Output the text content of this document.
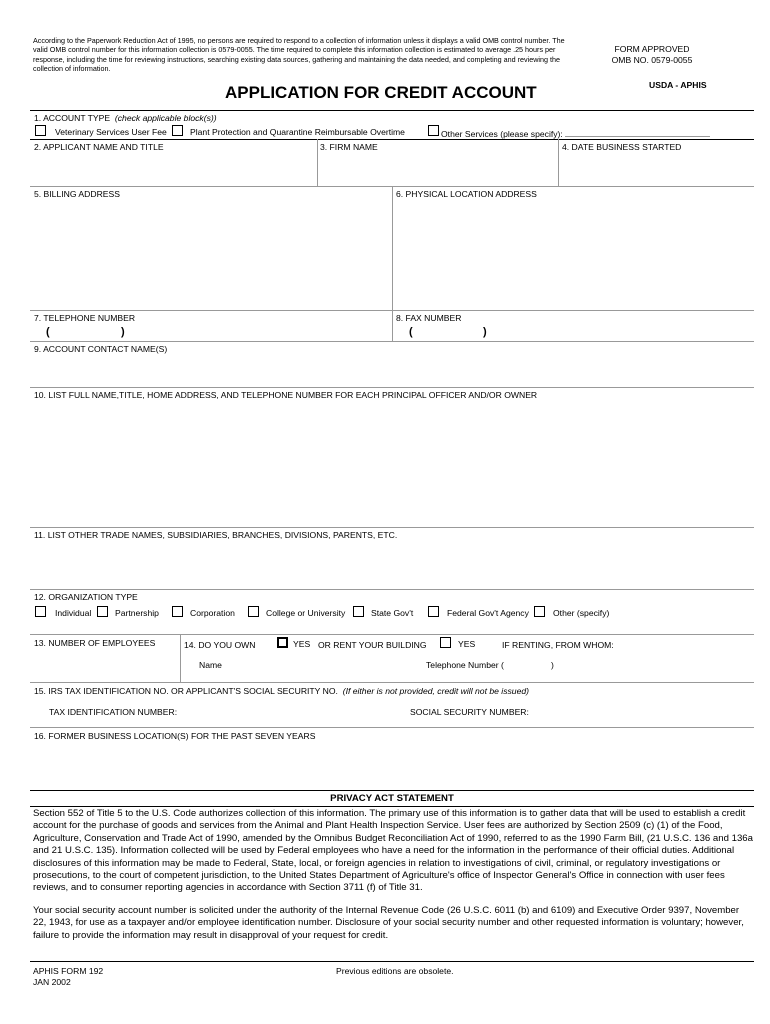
According to the Paperwork Reduction Act of 1995, no persons are required to respond to a collection of information unless it displays a valid OMB control number. The valid OMB control number for this information collection is 0579-0055. The time required to complete this information collection is estimated to average .25 hours per response, including the time for reviewing instructions, searching existing data sources, gathering and maintaining the data needed, and completing and reviewing the collection of information.
FORM APPROVED
OMB NO. 0579-0055
USDA - APHIS
APPLICATION FOR CREDIT ACCOUNT
1. ACCOUNT TYPE (check applicable block(s))
Veterinary Services User Fee	Plant Protection and Quarantine Reimbursable Overtime	Other Services (please specify):
2. APPLICANT NAME AND TITLE	3. FIRM NAME	4. DATE BUSINESS STARTED
5. BILLING ADDRESS	6. PHYSICAL LOCATION ADDRESS
7. TELEPHONE NUMBER	8. FAX NUMBER
(	)	(	)
9. ACCOUNT CONTACT NAME(S)
10. LIST FULL NAME,TITLE, HOME ADDRESS, AND TELEPHONE NUMBER FOR EACH PRINCIPAL OFFICER AND/OR OWNER
11. LIST OTHER TRADE NAMES, SUBSIDIARIES, BRANCHES, DIVISIONS, PARENTS, ETC.
12. ORGANIZATION TYPE
Individual	Partnership	Corporation	College or University	State Gov't	Federal Gov't Agency	Other (specify)
13. NUMBER OF EMPLOYEES	14. DO YOU OWN	YES OR RENT YOUR BUILDING	YES	IF RENTING, FROM WHOM:
Name	Telephone Number (	)
15. IRS TAX IDENTIFICATION NO. OR APPLICANT'S SOCIAL SECURITY NO. (If either is not provided, credit will not be issued)
TAX IDENTIFICATION NUMBER:	SOCIAL SECURITY NUMBER:
16. FORMER BUSINESS LOCATION(S) FOR THE PAST SEVEN YEARS
PRIVACY ACT STATEMENT

Section 552 of Title 5 to the U.S. Code authorizes collection of this information. The primary use of this information is to gather data that will be used to establish a credit account for the purchase of goods and services from the Animal and Plant Health Inspection Service. User fees are authorized by Section 2509 (c) (1) of the Food, Agriculture, Conservation and Trade Act of 1990, amended by the Omnibus Budget Reconciliation Act of 1990, referred to as the 1990 Farm Bill, (21 U.S.C. 136 and 136a and 21 U.S.C. 135). Information collected will be used by Federal employees who have a need for the information in the performance of their official duties. Additional disclosures of this information may be made to Federal, State, local, or foreign agencies in relation to investigations of civil, criminal, or regulatory investigations or prosecutions, to the court of competent jurisdiction, to the United States Department of Agriculture's office of Inspector General's Office in connection with user fees reviews, and to consumer reporting agencies in accordance with Section 3711 (f) of Title 31.

Your social security account number is solicited under the authority of the Internal Revenue Code (26 U.S.C. 6011 (b) and 6109) and Executive Order 9397, November 22, 1943, for use as a taxpayer and/or employee identification number. Disclosure of your social security number and other requested information is voluntary; however, failure to provide the information may result in disapproval of your request for credit.

APHIS FORM 192
JAN 2002
Previous editions are obsolete.
